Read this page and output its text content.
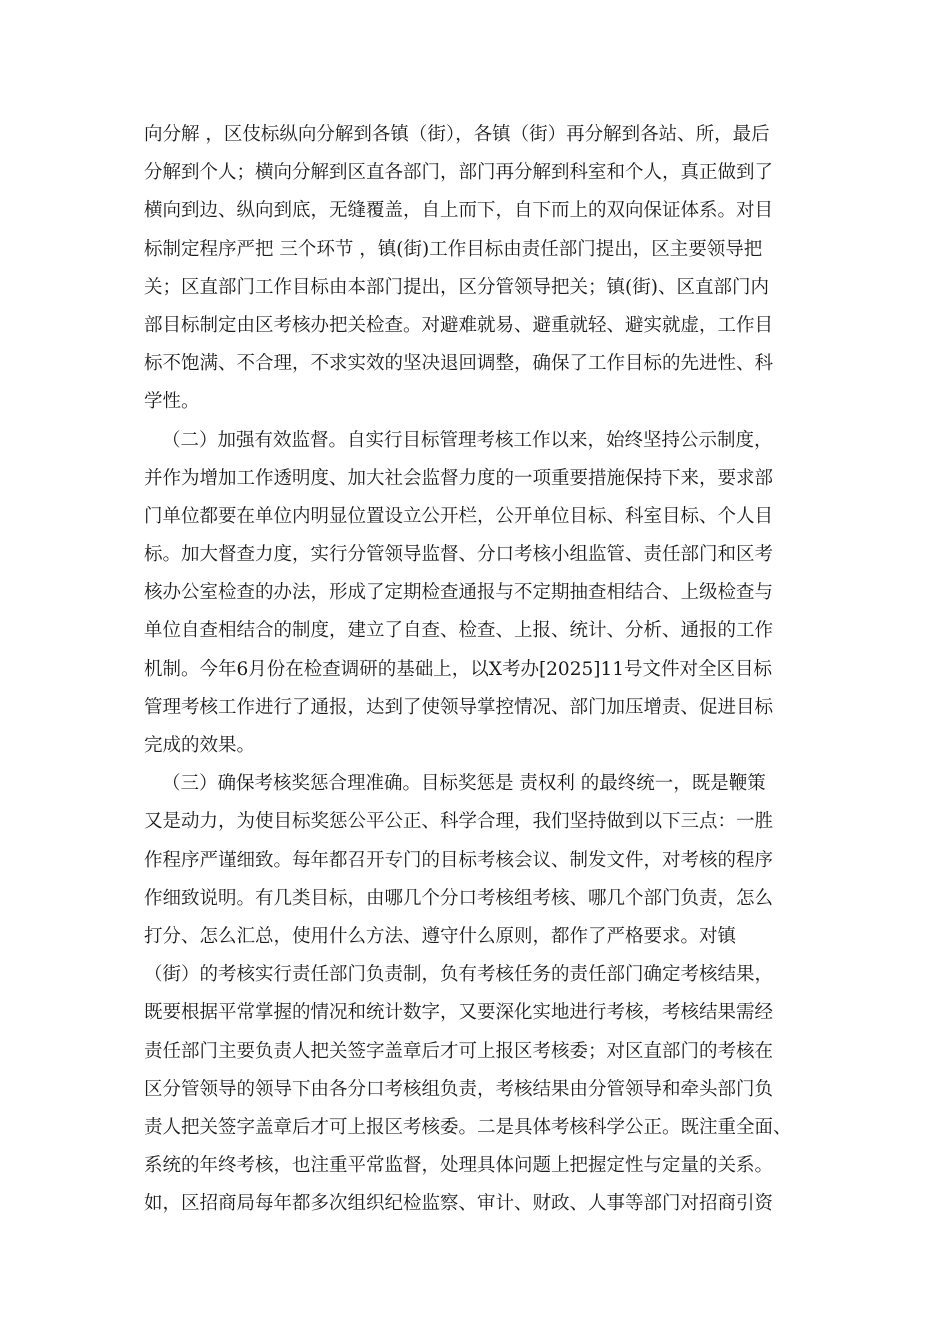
向分解 ，区伎标纵向分解到各镇（街），各镇（街）再分解到各站、所，最后
分解到个人；横向分解到区直各部门，部门再分解到科室和个人，真正做到了
横向到边、纵向到底，无缝覆盖，自上而下，自下而上的双向保证体系。对目
标制定程序严把 三个环节 ，镇(街)工作目标由责任部门提出，区主要领导把
关；区直部门工作目标由本部门提出，区分管领导把关；镇(街)、区直部门内
部目标制定由区考核办把关检查。对避难就易、避重就轻、避实就虚，工作目
标不饱满、不合理，不求实效的坚决退回调整，确保了工作目标的先进性、科
学性。
（二）加强有效监督。自实行目标管理考核工作以来，始终坚持公示制度，
并作为增加工作透明度、加大社会监督力度的一项重要措施保持下来，要求部
门单位都要在单位内明显位置设立公开栏，公开单位目标、科室目标、个人目
标。加大督查力度，实行分管领导监督、分口考核小组监管、责任部门和区考
核办公室检查的办法，形成了定期检查通报与不定期抽查相结合、上级检查与
单位自查相结合的制度，建立了自查、检查、上报、统计、分析、通报的工作
机制。今年6月份在检查调研的基础上，以X考办[2025]11号文件对全区目标
管理考核工作进行了通报，达到了使领导掌控情况、部门加压增责、促进目标
完成的效果。
（三）确保考核奖惩合理准确。目标奖惩是 责权利 的最终统一，既是鞭策
又是动力，为使目标奖惩公平公正、科学合理，我们坚持做到以下三点：一胜
作程序严谨细致。每年都召开专门的目标考核会议、制发文件，对考核的程序
作细致说明。有几类目标，由哪几个分口考核组考核、哪几个部门负责，怎么
打分、怎么汇总，使用什么方法、遵守什么原则，都作了严格要求。对镇
（街）的考核实行责任部门负责制，负有考核任务的责任部门确定考核结果，
既要根据平常掌握的情况和统计数字，又要深化实地进行考核，考核结果需经
责任部门主要负责人把关签字盖章后才可上报区考核委；对区直部门的考核在
区分管领导的领导下由各分口考核组负责，考核结果由分管领导和牵头部门负
责人把关签字盖章后才可上报区考核委。二是具体考核科学公正。既注重全面、
系统的年终考核，也注重平常监督，处理具体问题上把握定性与定量的关系。
如，区招商局每年都多次组织纪检监察、审计、财政、人事等部门对招商引资
